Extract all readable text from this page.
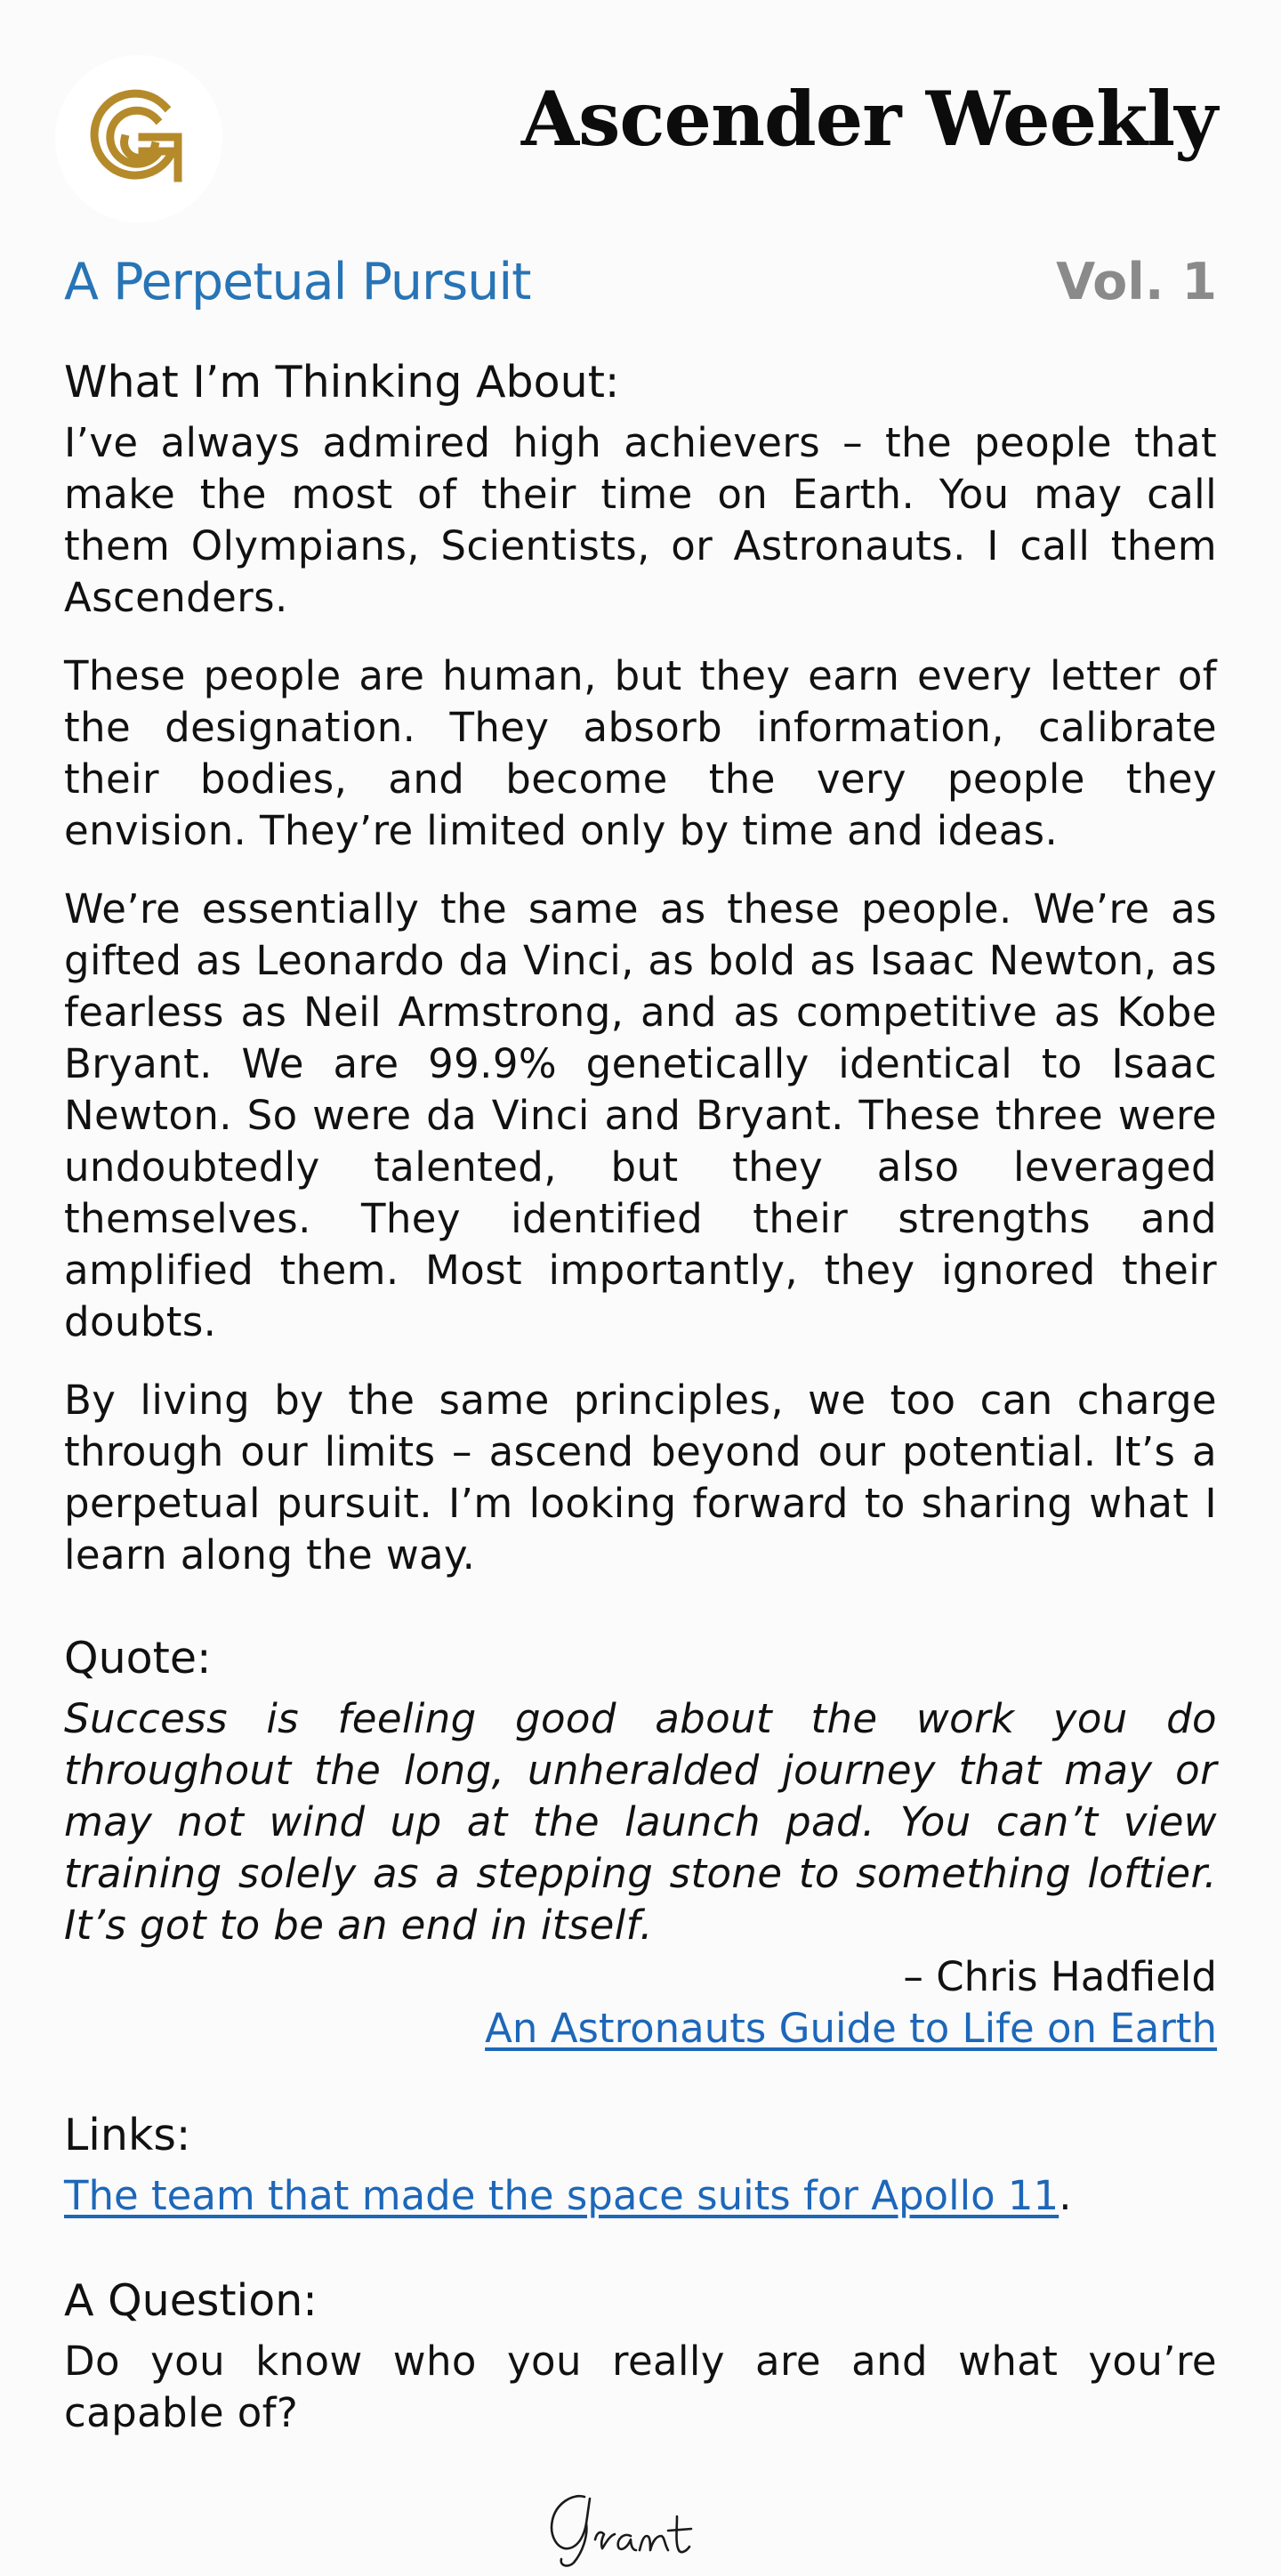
Ascender Weekly
A Perpetual Pursuit	Vol. 1
What I’m Thinking About:

I’ve always admired high achievers – the people that make the most of their time on Earth. You may call them Olympians, Scientists, or Astronauts. I call them Ascenders.

These people are human, but they earn every letter of the designation. They absorb information, calibrate their bodies, and become the very people they envision. They’re limited only by time and ideas.

We’re essentially the same as these people. We’re as gifted as Leonardo da Vinci, as bold as Isaac Newton, as fearless as Neil Armstrong, and as competitive as Kobe Bryant. We are 99.9% genetically identical to Isaac Newton. So were da Vinci and Bryant. These three were undoubtedly talented, but they also leveraged themselves. They identified their strengths and amplified them. Most importantly, they ignored their doubts.

By living by the same principles, we too can charge through our limits – ascend beyond our potential. It’s a perpetual pursuit. I’m looking forward to sharing what I learn along the way.

Quote:

Success is feeling good about the work you do throughout the long, unheralded journey that may or may not wind up at the launch pad. You can’t view training solely as a stepping stone to something loftier. It’s got to be an end in itself.

– Chris Hadfield
An Astronauts Guide to Life on Earth
Links:
The team that made the space suits for Apollo 11.
A Question:

Do you know who you really are and what you’re capable of?
